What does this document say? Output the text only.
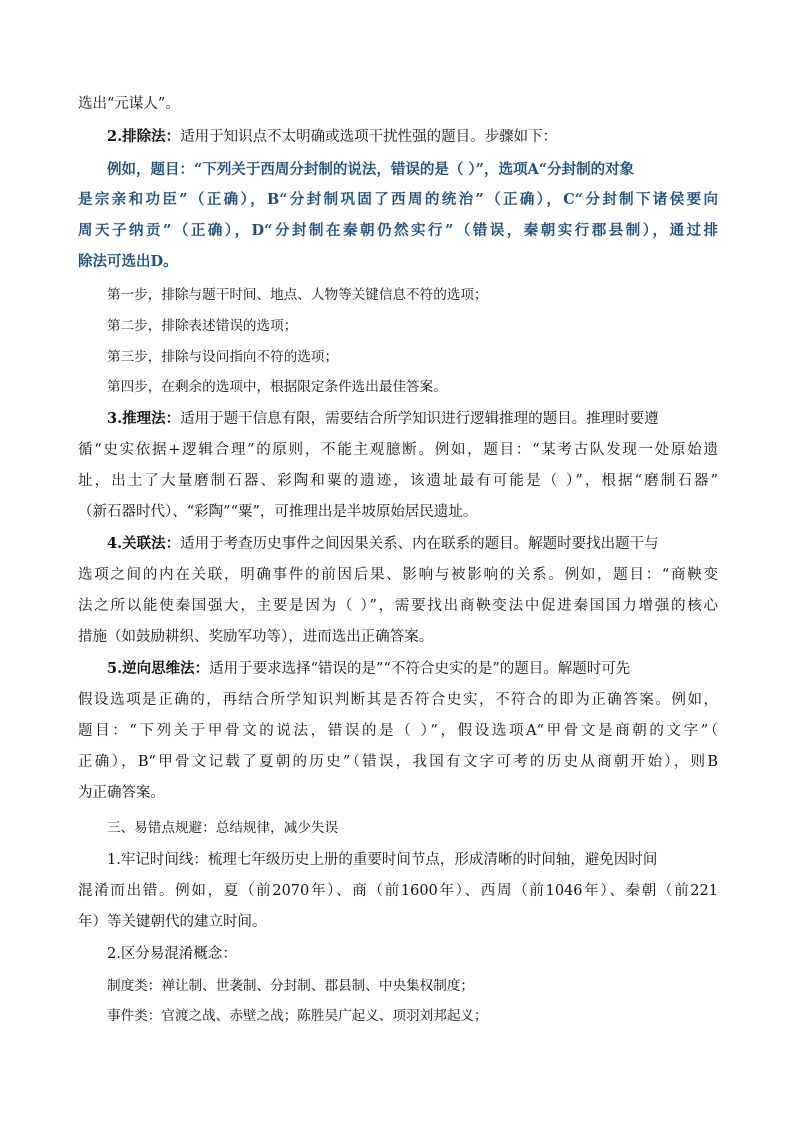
选出“元谋人”。
2.排除法：适用于知识点不太明确或选项干扰性强的题目。步骤如下：
例如，题目：“下列关于西周分封制的说法，错误的是（ ）”，选项A“分封制的对象
是宗亲和功臣”（正确），B“分封制巩固了西周的统治”（正确），C“分封制下诸侯要向
周天子纳贡”（正确），D“分封制在秦朝仍然实行”（错误，秦朝实行郡县制），通过排
除法可选出D。
第一步，排除与题干时间、地点、人物等关键信息不符的选项；
第二步，排除表述错误的选项；
第三步，排除与设问指向不符的选项；
第四步，在剩余的选项中，根据限定条件选出最佳答案。
3.推理法：适用于题干信息有限，需要结合所学知识进行逻辑推理的题目。推理时要遵
循“史实依据+逻辑合理”的原则，不能主观臆断。例如，题目：“某考古队发现一处原始遗
址，出土了大量磨制石器、彩陶和粟的遗迹，该遗址最有可能是（ ）”，根据“磨制石器”
（新石器时代）、“彩陶”“粟”，可推理出是半坡原始居民遗址。
4.关联法：适用于考查历史事件之间因果关系、内在联系的题目。解题时要找出题干与
选项之间的内在关联，明确事件的前因后果、影响与被影响的关系。例如，题目：“商鞅变
法之所以能使秦国强大，主要是因为（ ）”，需要找出商鞅变法中促进秦国国力增强的核心
措施（如鼓励耕织、奖励军功等），进而选出正确答案。
5.逆向思维法：适用于要求选择“错误的是”“不符合史实的是”的题目。解题时可先
假设选项是正确的，再结合所学知识判断其是否符合史实，不符合的即为正确答案。例如，
题目：“下列关于甲骨文的说法，错误的是（ ）”，假设选项A“甲骨文是商朝的文字”（
正确），B“甲骨文记载了夏朝的历史”（错误，我国有文字可考的历史从商朝开始），则B
为正确答案。
三、易错点规避：总结规律，减少失误
1.牢记时间线：梳理七年级历史上册的重要时间节点，形成清晰的时间轴，避免因时间
混淆而出错。例如，夏（前2070年）、商（前1600年）、西周（前1046年）、秦朝（前221
年）等关键朝代的建立时间。
2.区分易混淆概念：
制度类：禅让制、世袭制、分封制、郡县制、中央集权制度；
事件类：官渡之战、赤壁之战；陈胜吴广起义、项羽刘邦起义；
